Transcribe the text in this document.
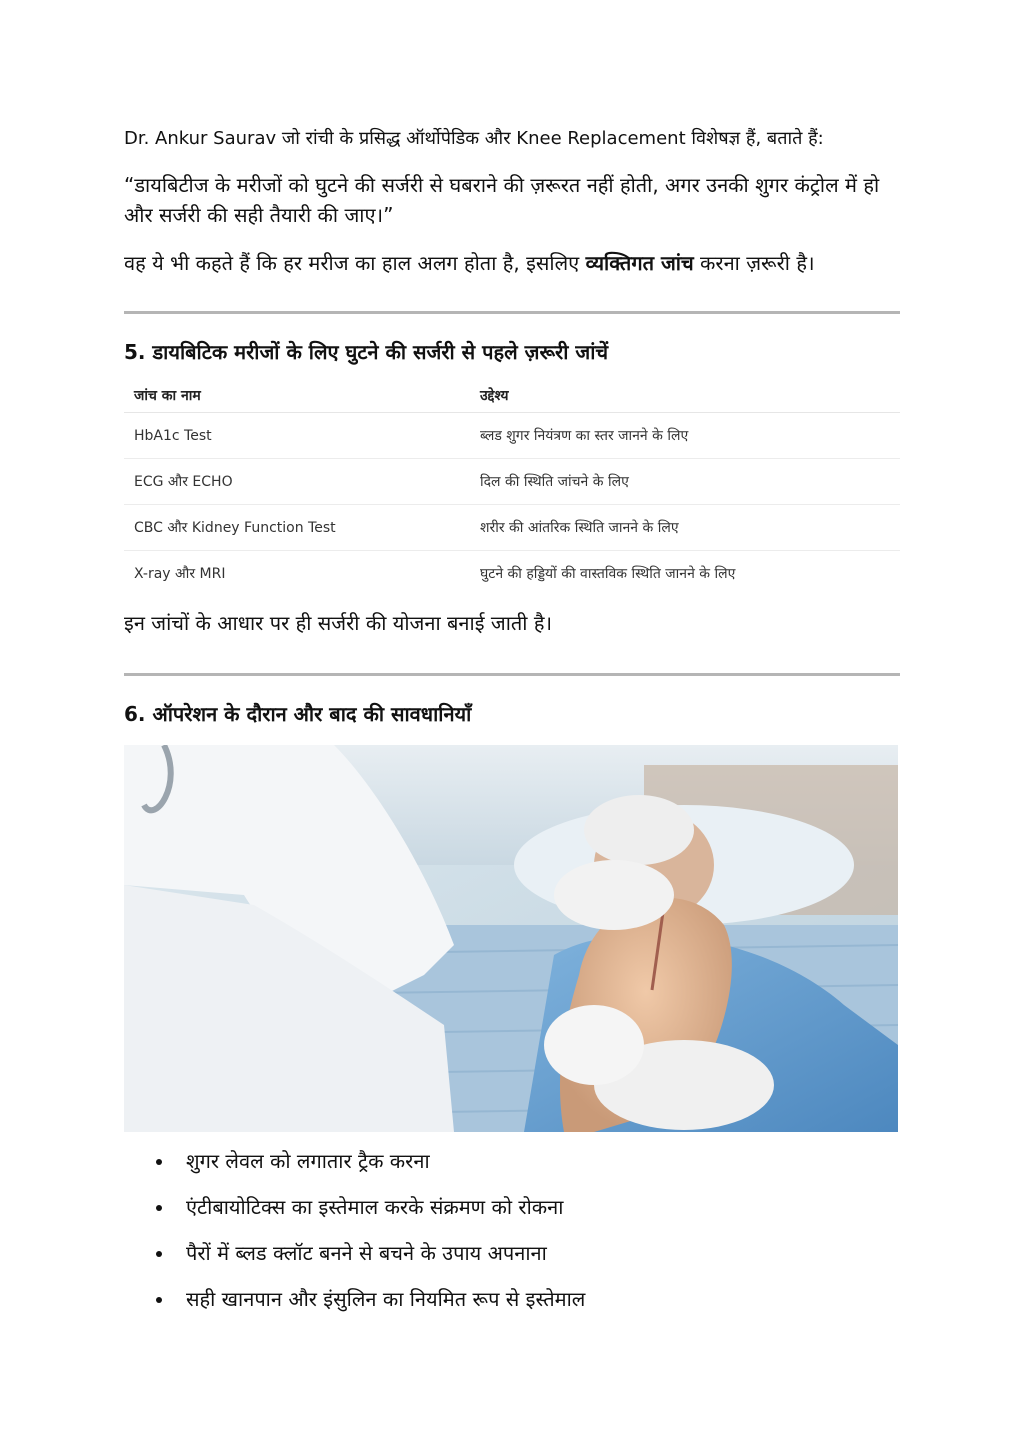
Dr. Ankur Saurav जो रांची के प्रसिद्ध ऑर्थोपेडिक और Knee Replacement विशेषज्ञ हैं, बताते हैं:

“डायबिटीज के मरीजों को घुटने की सर्जरी से घबराने की ज़रूरत नहीं होती, अगर उनकी शुगर कंट्रोल में हो और सर्जरी की सही तैयारी की जाए।”

वह ये भी कहते हैं कि हर मरीज का हाल अलग होता है, इसलिए व्यक्तिगत जांच करना ज़रूरी है।

5. डायबिटिक मरीजों के लिए घुटने की सर्जरी से पहले ज़रूरी जांचें
जांच का नाम	उद्देश्य
HbA1c Test	ब्लड शुगर नियंत्रण का स्तर जानने के लिए
ECG और ECHO	दिल की स्थिति जांचने के लिए
CBC और Kidney Function Test	शरीर की आंतरिक स्थिति जानने के लिए
X-ray और MRI	घुटने की हड्डियों की वास्तविक स्थिति जानने के लिए

इन जांचों के आधार पर ही सर्जरी की योजना बनाई जाती है।

6. ऑपरेशन के दौरान और बाद की सावधानियाँ
शुगर लेवल को लगातार ट्रैक करना
एंटीबायोटिक्स का इस्तेमाल करके संक्रमण को रोकना
पैरों में ब्लड क्लॉट बनने से बचने के उपाय अपनाना
सही खानपान और इंसुलिन का नियमित रूप से इस्तेमाल
